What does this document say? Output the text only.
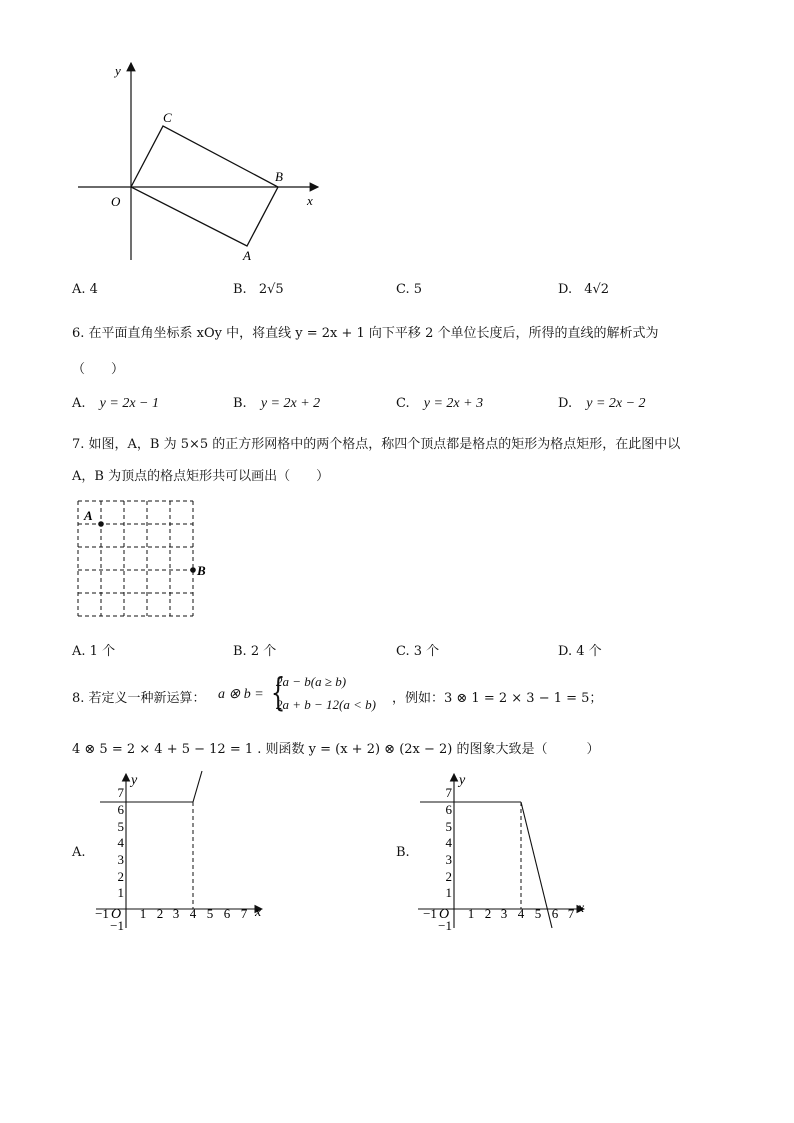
y
x
O
C
B
A
A. 4	B. 2√5	C. 5	D. 4√2
6. 在平面直角坐标系 xOy 中，将直线 y = 2x + 1 向下平移 2 个单位长度后，所得的直线的解析式为
（　　）
A. y = 2x − 1	B. y = 2x + 2	C. y = 2x + 3	D. y = 2x − 2
7. 如图，A，B 为 5×5 的正方形网格中的两个格点，称四个顶点都是格点的矩形为格点矩形，在此图中以
A，B 为顶点的格点矩形共可以画出（　　）
A
B
A. 1 个	B. 2 个	C. 3 个	D. 4 个
8. 若定义一种新运算： a ⊗ b = {
2a − b(a ≥ b)
2a + b − 12(a < b) ，例如：3 ⊗ 1 = 2 × 3 − 1 = 5；
4 ⊗ 5 = 2 × 4 + 5 − 12 = 1 . 则函数 y = (x + 2) ⊗ (2x − 2) 的图象大致是（　　　）
A.
y
x
O
−1 1 2 3 4 5 6 7
−1
1
2
3
4
5
6
7
B.
y
x
O
−1 1 2 3 4 5 6 7
−1
1
2
3
4
5
6
7
